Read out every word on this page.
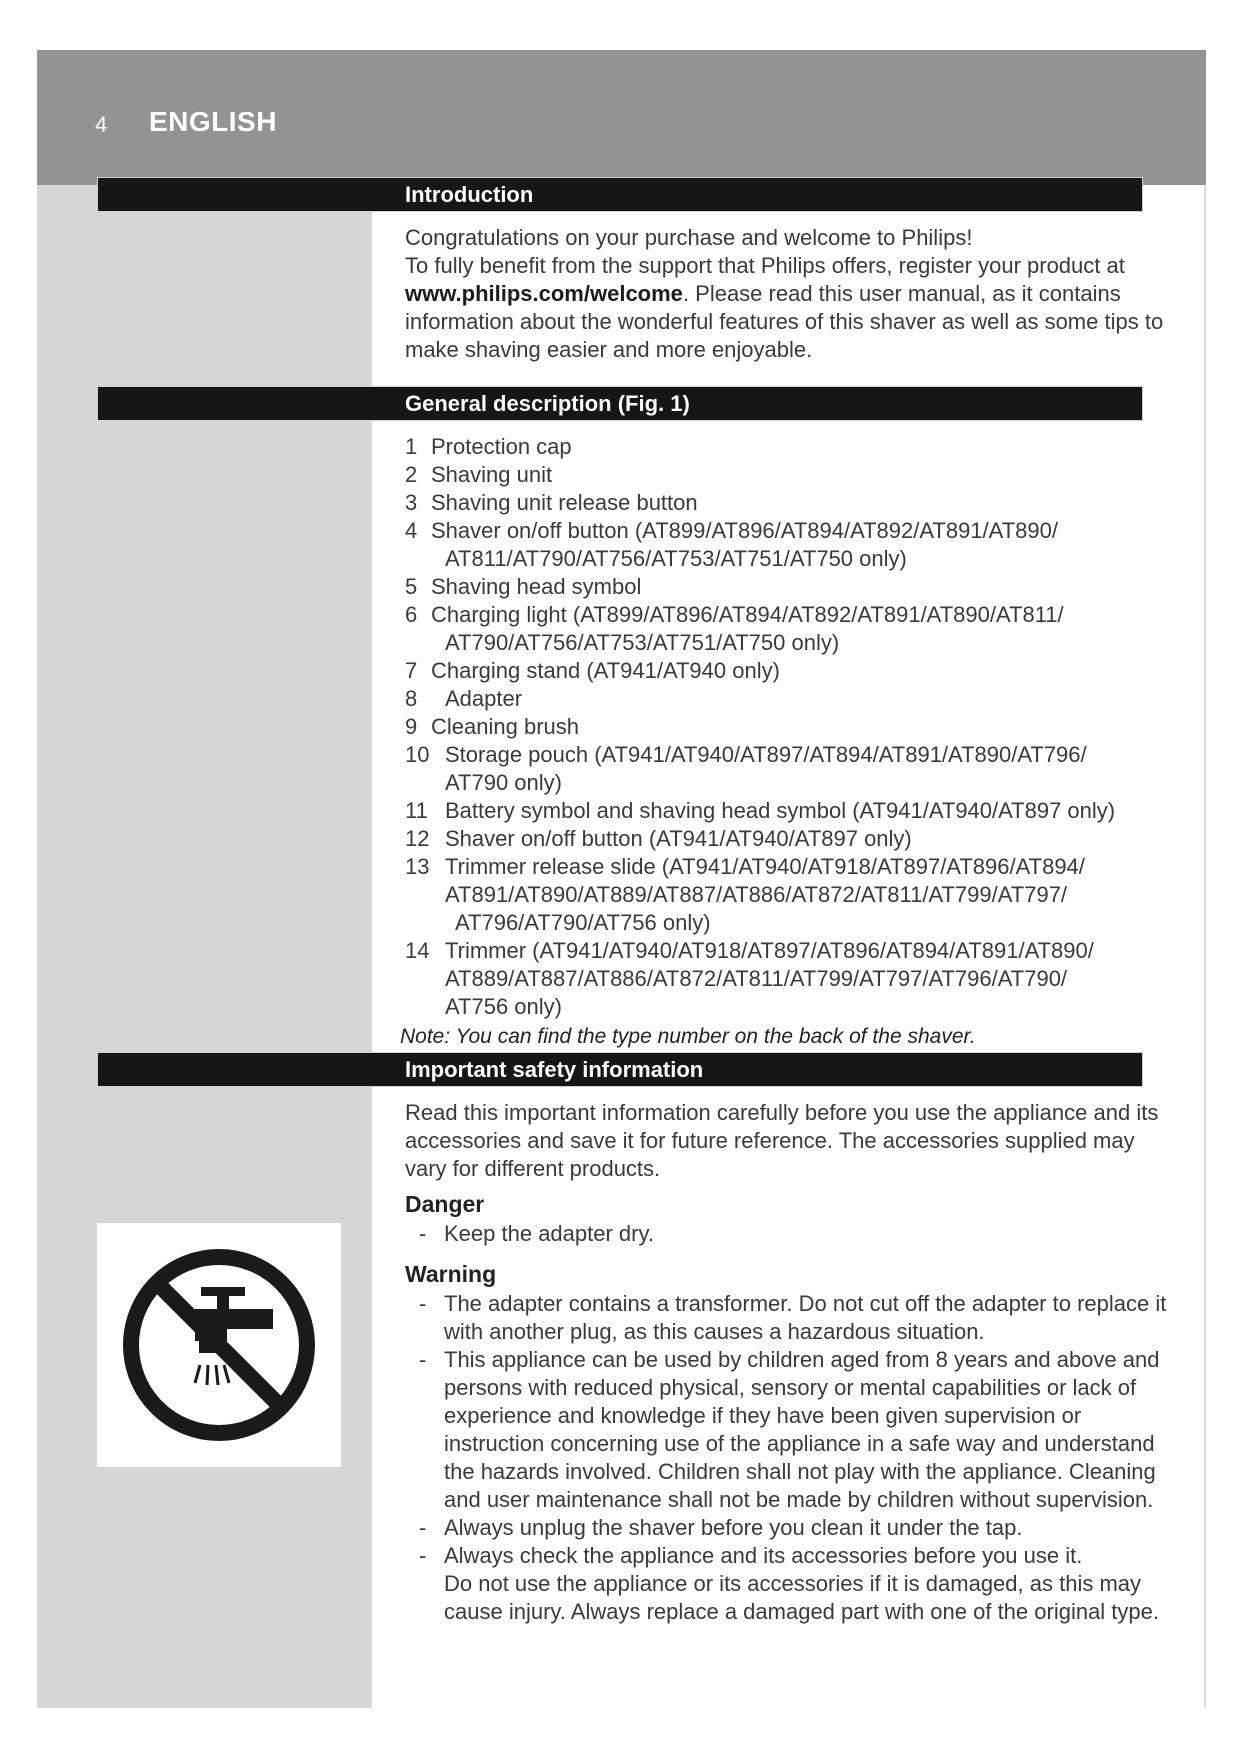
4 ENGLISH
Introduction

Congratulations on your purchase and welcome to Philips!

To fully benefit from the support that Philips offers, register your product at www.philips.com/welcome. Please read this user manual, as it contains information about the wonderful features of this shaver as well as some tips to make shaving easier and more enjoyable.

General description (Fig. 1)
1 Protection cap
2 Shaving unit
3 Shaving unit release button
4 Shaver on/off button (AT899/AT896/AT894/AT892/AT891/AT890/
AT811/AT790/AT756/AT753/AT751/AT750 only)
5 Shaving head symbol
6 Charging light (AT899/AT896/AT894/AT892/AT891/AT890/AT811/
AT790/AT756/AT753/AT751/AT750 only)
7 Charging stand (AT941/AT940 only)
8 Adapter
9 Cleaning brush
10 Storage pouch (AT941/AT940/AT897/AT894/AT891/AT890/AT796/
AT790 only)
11 Battery symbol and shaving head symbol (AT941/AT940/AT897 only)
12 Shaver on/off button (AT941/AT940/AT897 only)
13 Trimmer release slide (AT941/AT940/AT918/AT897/AT896/AT894/
AT891/AT890/AT889/AT887/AT886/AT872/AT811/AT799/AT797/
AT796/AT790/AT756 only)
14 Trimmer (AT941/AT940/AT918/AT897/AT896/AT894/AT891/AT890/
AT889/AT887/AT886/AT872/AT811/AT799/AT797/AT796/AT790/
AT756 only)
Note: You can find the type number on the back of the shaver.
Important safety information

Read this important information carefully before you use the appliance and its accessories and save it for future reference. The accessories supplied may vary for different products.

Danger
- Keep the adapter dry.
Warning
- The adapter contains a transformer. Do not cut off the adapter to replace it with another plug, as this causes a hazardous situation.
- This appliance can be used by children aged from 8 years and above and persons with reduced physical, sensory or mental capabilities or lack of experience and knowledge if they have been given supervision or instruction concerning use of the appliance in a safe way and understand the hazards involved. Children shall not play with the appliance. Cleaning and user maintenance shall not be made by children without supervision.
- Always unplug the shaver before you clean it under the tap.
- Always check the appliance and its accessories before you use it.
Do not use the appliance or its accessories if it is damaged, as this may cause injury. Always replace a damaged part with one of the original type.
